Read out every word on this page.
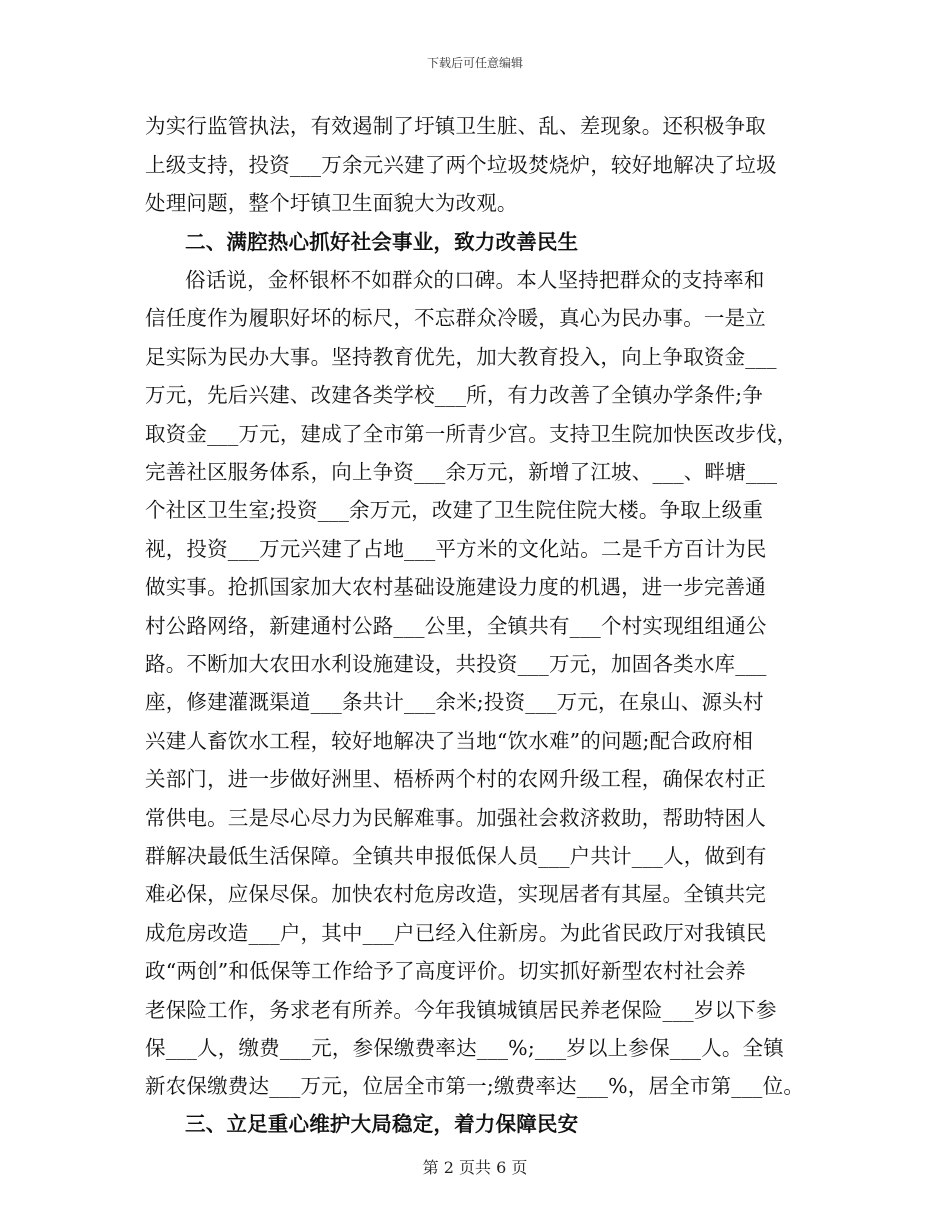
下载后可任意编辑

为实行监管执法，有效遏制了圩镇卫生脏、乱、差现象。还积极争取

上级支持，投资___万余元兴建了两个垃圾焚烧炉，较好地解决了垃圾

处理问题，整个圩镇卫生面貌大为改观。

二、满腔热心抓好社会事业，致力改善民生

俗话说，金杯银杯不如群众的口碑。本人坚持把群众的支持率和

信任度作为履职好坏的标尺，不忘群众冷暖，真心为民办事。一是立

足实际为民办大事。坚持教育优先，加大教育投入，向上争取资金___

万元，先后兴建、改建各类学校___所，有力改善了全镇办学条件;争

取资金___万元，建成了全市第一所青少宫。支持卫生院加快医改步伐，

完善社区服务体系，向上争资___余万元，新增了江坡、___、畔塘___

个社区卫生室;投资___余万元，改建了卫生院住院大楼。争取上级重

视，投资___万元兴建了占地___平方米的文化站。二是千方百计为民

做实事。抢抓国家加大农村基础设施建设力度的机遇，进一步完善通

村公路网络，新建通村公路___公里，全镇共有___个村实现组组通公

路。不断加大农田水利设施建设，共投资___万元，加固各类水库___

座，修建灌溉渠道___条共计___余米;投资___万元，在泉山、源头村

兴建人畜饮水工程，较好地解决了当地“饮水难”的问题;配合政府相

关部门，进一步做好洲里、梧桥两个村的农网升级工程，确保农村正

常供电。三是尽心尽力为民解难事。加强社会救济救助，帮助特困人

群解决最低生活保障。全镇共申报低保人员___户共计___人，做到有

难必保，应保尽保。加快农村危房改造，实现居者有其屋。全镇共完

成危房改造___户，其中___户已经入住新房。为此省民政厅对我镇民

政“两创”和低保等工作给予了高度评价。切实抓好新型农村社会养

老保险工作，务求老有所养。今年我镇城镇居民养老保险___岁以下参

保___人，缴费___元，参保缴费率达___%;___岁以上参保___人。全镇

新农保缴费达___万元，位居全市第一;缴费率达___%，居全市第___位。

三、立足重心维护大局稳定，着力保障民安

第 2 页共 6 页
